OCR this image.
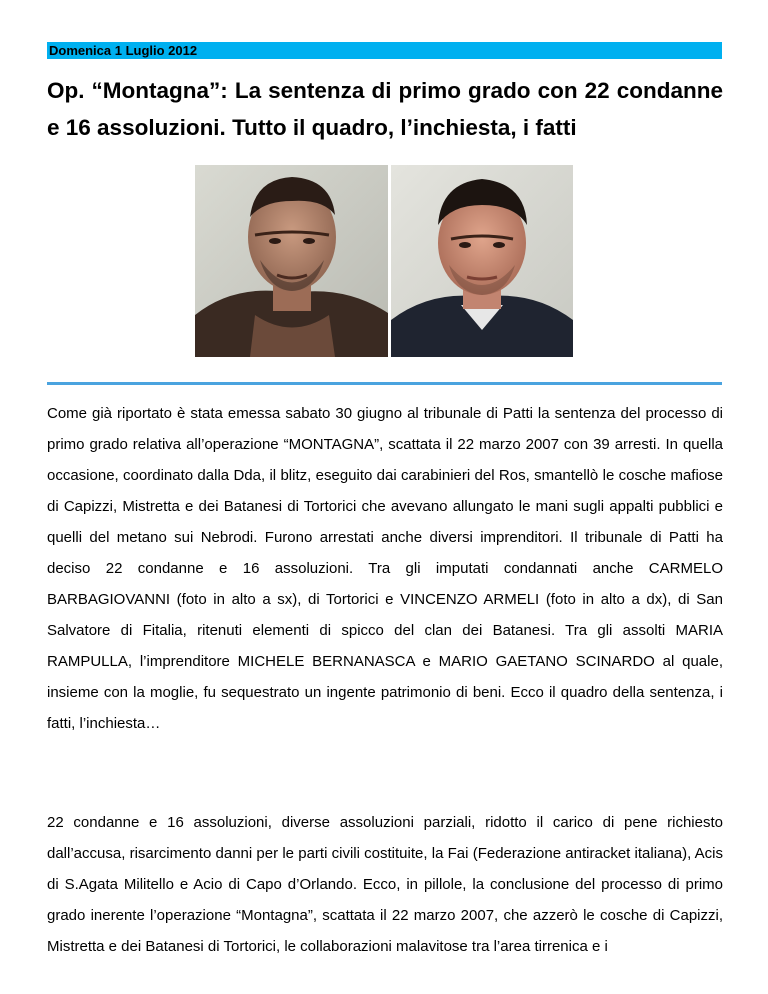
Domenica 1 Luglio 2012
Op. “Montagna”: La sentenza di primo grado con 22 condanne e 16 assoluzioni. Tutto il quadro, l’inchiesta, i fatti

Come già riportato è stata emessa sabato 30 giugno al tribunale di Patti la sentenza del processo di primo grado relativa all’operazione “MONTAGNA”, scattata il 22 marzo 2007 con 39 arresti. In quella occasione, coordinato dalla Dda, il blitz, eseguito dai carabinieri del Ros, smantellò le cosche mafiose di Capizzi, Mistretta e dei Batanesi di Tortorici che avevano allungato le mani sugli appalti pubblici e quelli del metano sui Nebrodi. Furono arrestati anche diversi imprenditori. Il tribunale di Patti ha deciso 22 condanne e 16 assoluzioni. Tra gli imputati condannati anche CARMELO BARBAGIOVANNI (foto in alto a sx), di Tortorici e VINCENZO ARMELI (foto in alto a dx), di San Salvatore di Fitalia, ritenuti elementi di spicco del clan dei Batanesi. Tra gli assolti MARIA RAMPULLA, l’imprenditore MICHELE BERNANASCA e MARIO GAETANO SCINARDO al quale, insieme con la moglie, fu sequestrato un ingente patrimonio di beni. Ecco il quadro della sentenza, i fatti, l’inchiesta…

22 condanne e 16 assoluzioni, diverse assoluzioni parziali, ridotto il carico di pene richiesto dall’accusa, risarcimento danni per le parti civili costituite, la Fai (Federazione antiracket italiana), Acis di S.Agata Militello e Acio di Capo d’Orlando. Ecco, in pillole, la conclusione del processo di primo grado inerente l’operazione “Montagna”, scattata il 22 marzo 2007, che azzerò le cosche di Capizzi, Mistretta e dei Batanesi di Tortorici, le collaborazioni malavitose tra l’area tirrenica e i
